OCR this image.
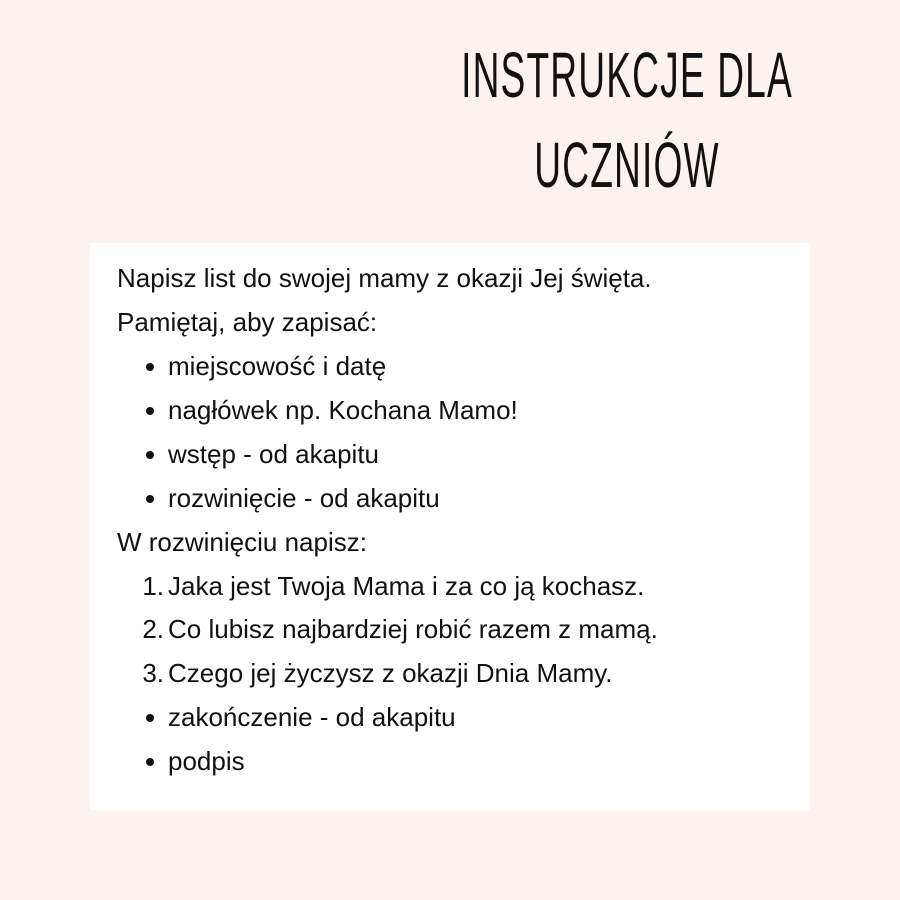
INSTRUKCJE DLA
UCZNIÓW
Napisz list do swojej mamy z okazji Jej święta.
Pamiętaj, aby zapisać:
miejscowość i datę
nagłówek np. Kochana Mamo!
wstęp - od akapitu
rozwinięcie - od akapitu
W rozwinięciu napisz:
1. Jaka jest Twoja Mama i za co ją kochasz.
2. Co lubisz najbardziej robić razem z mamą.
3. Czego jej życzysz z okazji Dnia Mamy.
zakończenie - od akapitu
podpis
